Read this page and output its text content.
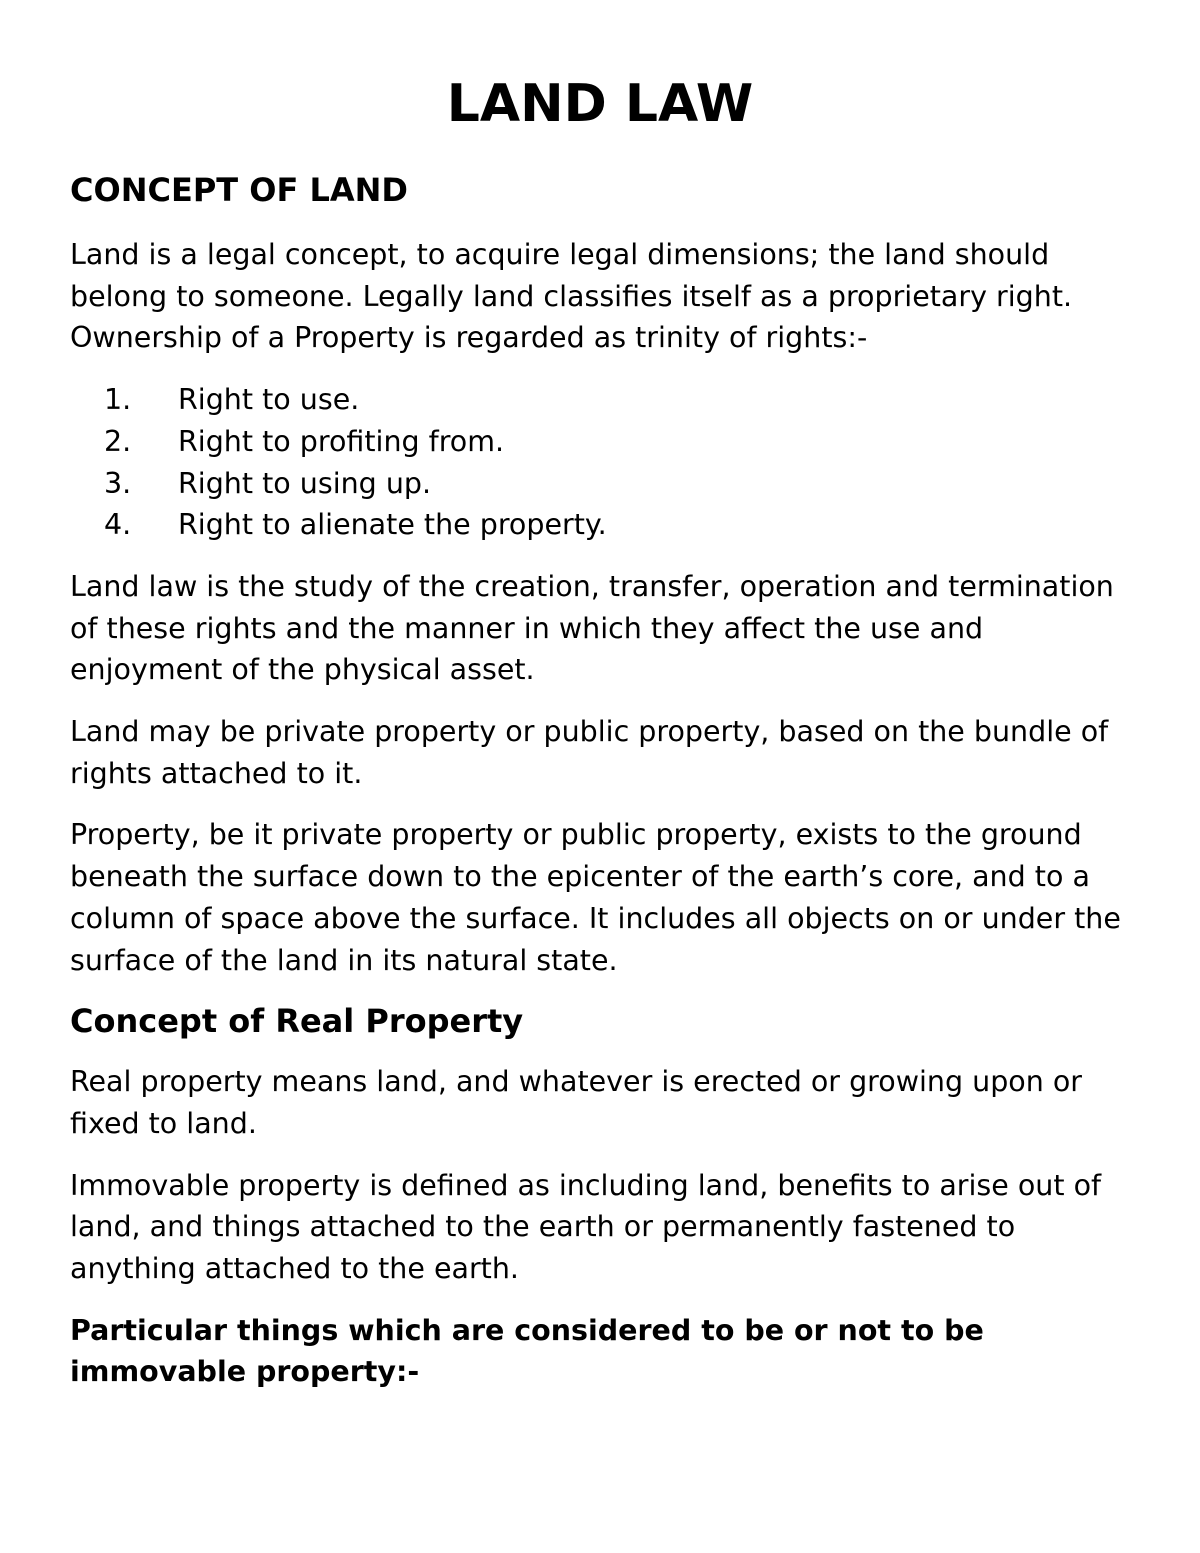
LAND LAW
CONCEPT OF LAND

Land is a legal concept, to acquire legal dimensions; the land should belong to someone. Legally land classifies itself as a proprietary right. Ownership of a Property is regarded as trinity of rights:-

1.	Right to use.
2.	Right to profiting from.
3.	Right to using up.
4.	Right to alienate the property.

Land law is the study of the creation, transfer, operation and termination of these rights and the manner in which they affect the use and enjoyment of the physical asset.

Land may be private property or public property, based on the bundle of rights attached to it.

Property, be it private property or public property, exists to the ground beneath the surface down to the epicenter of the earth’s core, and to a column of space above the surface. It includes all objects on or under the surface of the land in its natural state.

Concept of Real Property

Real property means land, and whatever is erected or growing upon or fixed to land.

Immovable property is defined as including land, benefits to arise out of land, and things attached to the earth or permanently fastened to anything attached to the earth.

Particular things which are considered to be or not to be immovable property:-
